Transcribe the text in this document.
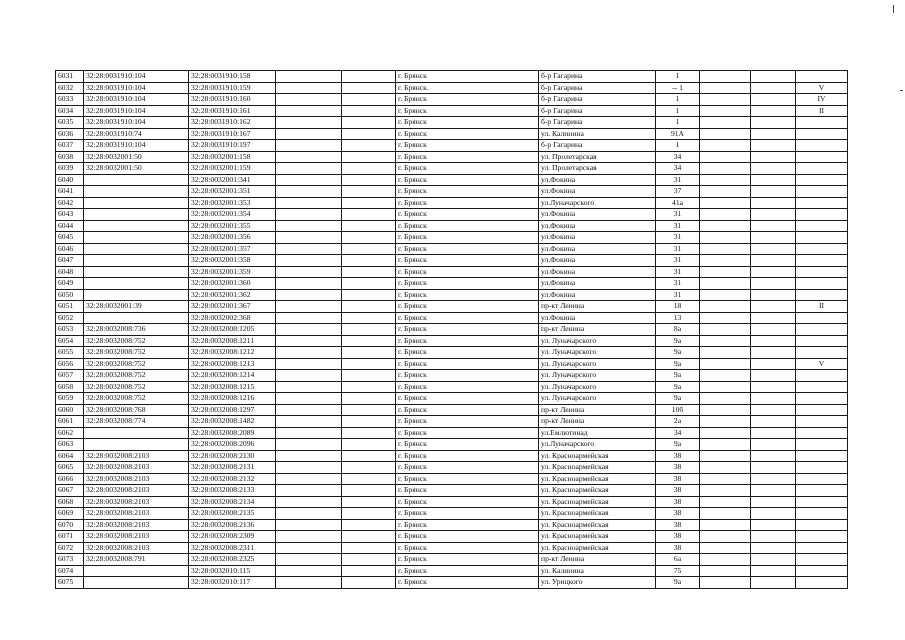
6031	32:28:0031910:104	32:28:0031910:158			г. Брянск	б-р Гагарина	1			
6032	32:28:0031910:104	32:28:0031910:159			г. Брянск.	б-р Гагарина	-- 1			V
6033	32:28:0031910:104	32:28:0031910:160			г. Брянск	б-р Гагарина	1			IV
6034	32:28:0031910:104	32:28:0031910:161			г. Брянск	б-р Гагарина	1			II
6035	32:28:0031910:104	32:28:0031910:162			г. Брянск	б-р Гагарина	1			
6036	32:28:0031910:74	32:28:0031910:167			г. Брянск	ул. Калинина	91А			
6037	32:28:0031910:104	32:28:0031910:197			г. Брянск	б-р Гагарина	1			
6038	32:28:0032001:50	32:28:0032001:158			г. Брянск	ул. Пролетарская	34			
6039	32:28:0032001:50	32:28:0032001:159			г. Брянск	ул. Пролетарская	34			
6040		32:28:0032001:341			г. Брянск	ул.Фокина	31			
6041		32:28:0032001:351			г. Брянск	ул.Фокина	37			
6042		32:28:0032001:353			г. Брянск	ул.Луначарского	41а			
6043		32:28:0032001:354			г. Брянск	ул.Фокина	31			
6044		32:28:0032001:355			г. Брянск	ул.Фокина	31			
6045		32:28:0032001:356			г. Брянск	ул.Фокина	31			
6046		32:28:0032001:357			г. Брянск	ул.Фокина	31			
6047		32:28:0032001:358			г. Брянск	ул.Фокина	31			
6048		32:28:0032001:359			г. Брянск	ул.Фокина	31			
6049		32:28:0032001:360			г. Брянск	ул.Фокина	31			
6050		32:28:0032001:362			г. Брянск	ул.Фокина	31			
6051	32:28:0032001:39	32:28:0032001:367			г. Брянск	пр-кт Ленина	18			II
6052		32:28:0032002:368			г. Брянск	ул.Фокина	13			
6053	32:28:0032008:736	32:28:0032008:1205			г. Брянск	пр-кт Ленина	8а			
6054	32:28:0032008:752	32:28:0032008:1211			г. Брянск	ул. Луначарского	9а			
6055	32:28:0032008:752	32:28:0032008:1212			г. Брянск	ул. Луначарского	9а			
6056	32:28:0032008:752	32:28:0032008:1213			г. Брянск	ул. Луначарского	9а			V
6057	32:28:0032008:752	32:28:0032008:1214			г. Брянск	ул. Луначарского	9а			
6058	32:28:0032008:752	32:28:0032008:1215			г. Брянск	ул. Луначарского	9а			
6059	32:28:0032008:752	32:28:0032008:1216			г. Брянск	ул. Луначарского	9а			
6060	32:28:0032008:768	32:28:0032008:1297			г. Брянск	пр-кт Ленина	10б			
6061	32:28:0032008:774	32:28:0032008:1482			г. Брянск	пр-кт Ленина	2а			
6062		32:28:0032008:2089			г. Брянск	ул.Емлютинад	34			
6063		32:28:0032008:2096			г. Брянск	ул.Луначарского	9а			
6064	32:28:0032008:2103	32:28:0032008:2130			г. Брянск	ул. Красноармейская	38			
6065	32:28:0032008:2103	32:28:0032008:2131			г. Брянск	ул. Красноармейская	38			
6066	32:28:0032008:2103	32:28:0032008:2132			г. Брянск	ул. Красноармейская	38			
6067	32:28:0032008:2103	32:28:0032008:2133			г. Брянск	ул. Красноармейская	38			
6068	32:28:0032008:2103	32:28:0032008:2134			г. Брянск	ул. Красноармейская	38			
6069	32:28:0032008:2103	32:28:0032008:2135			г. Брянск	ул. Красноармейская	38			
6070	32:28:0032008:2103	32:28:0032008:2136			г. Брянск	ул. Красноармейская	38			
6071	32:28:0032008:2103	32:28:0032008:2309			г. Брянск	ул. Красноармейская	38			
6072	32:28:0032008:2103	32:28:0032008:2311			г. Брянск	ул. Красноармейская	38			
6073	32:28:0032008:791	32:28:0032008:2325			г. Брянск	пр-кт Ленина	6а			
6074		32:28:0032010:115			г. Брянск	ул. Калинина	75			
6075		32:28:0032010:117			г. Брянск	ул. Урицкого	9а			
